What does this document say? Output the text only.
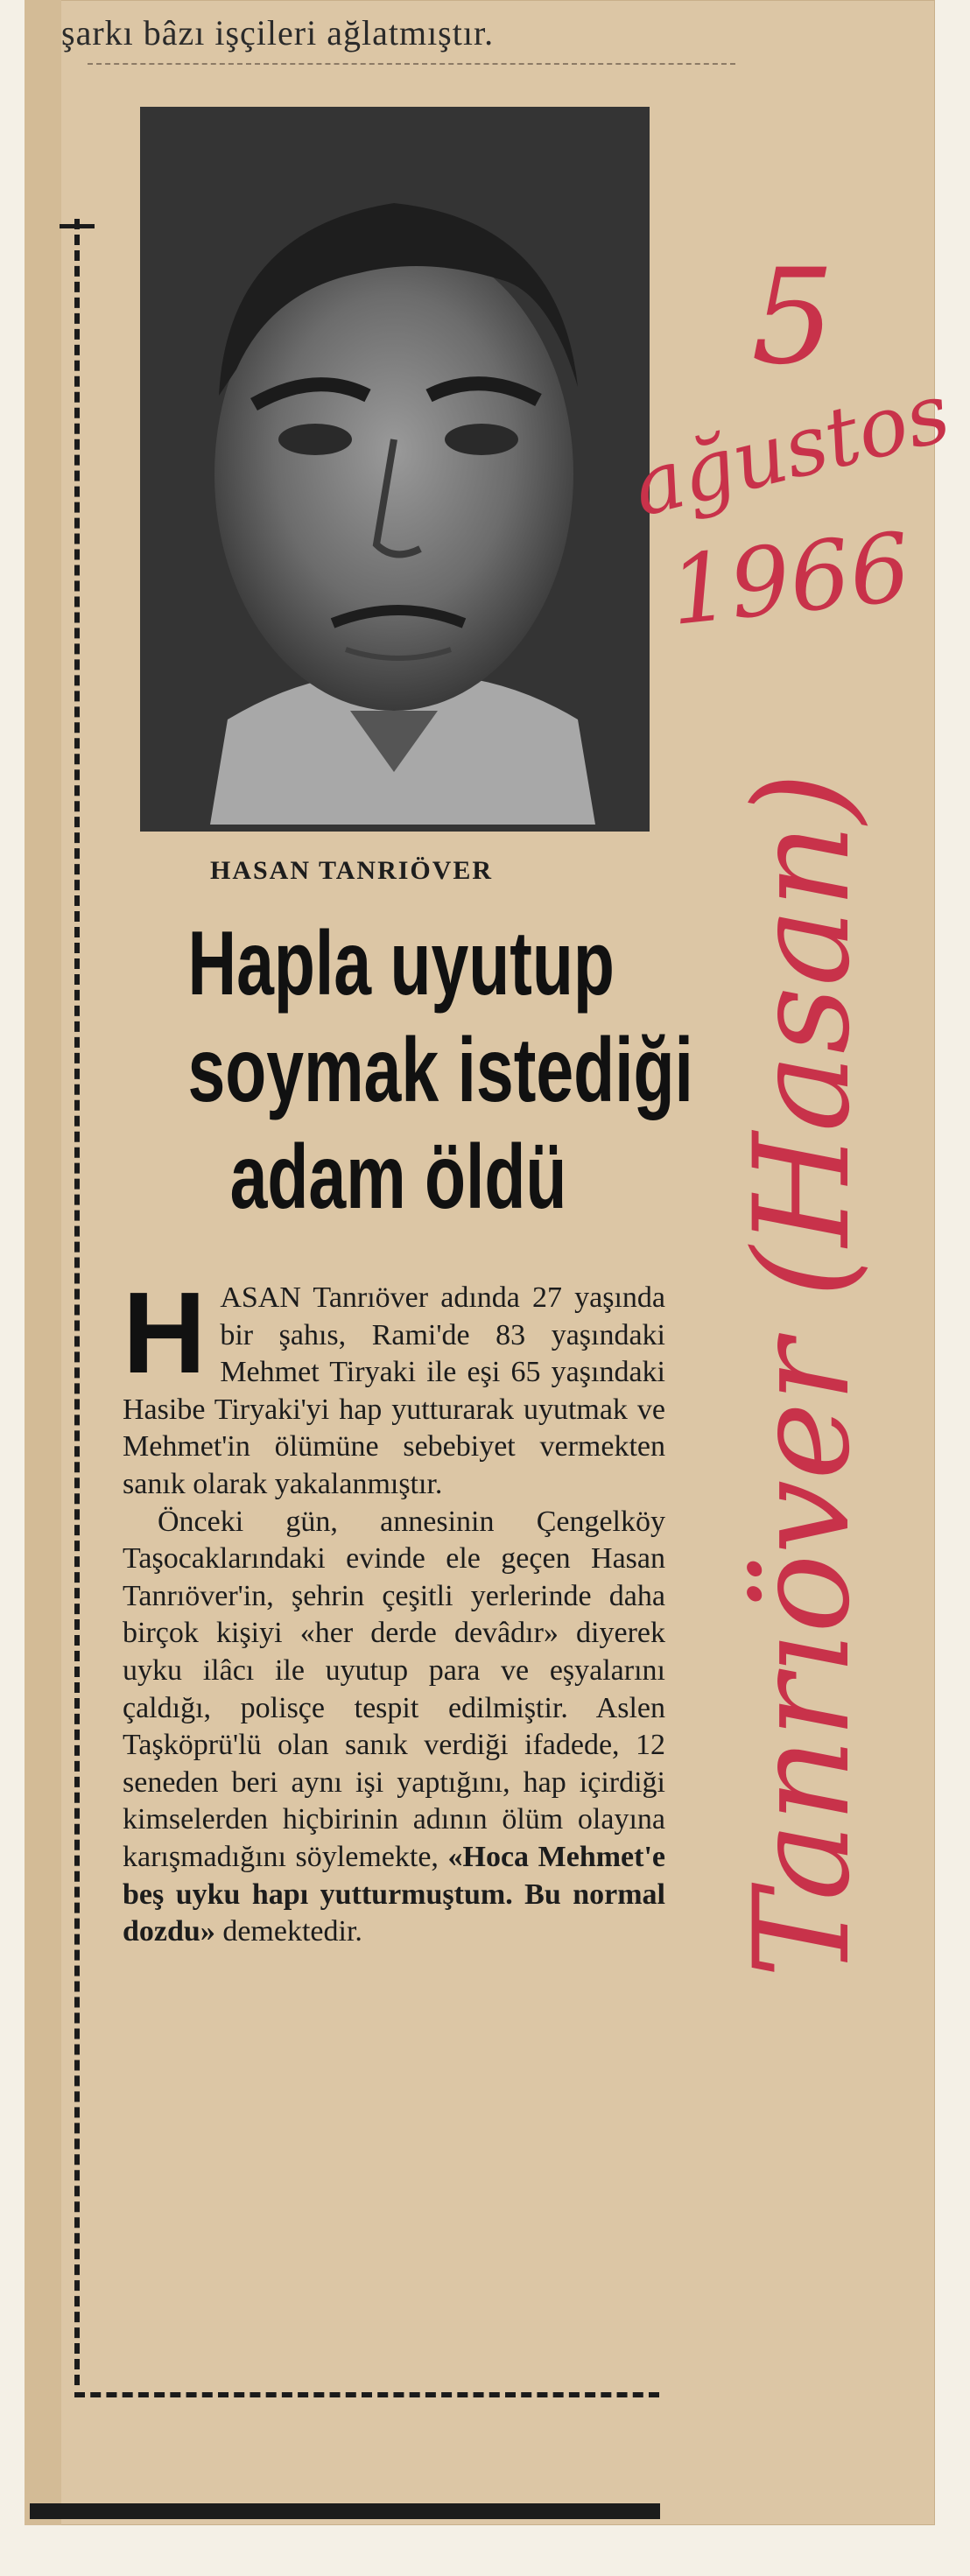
şarkı bâzı işçileri ağlatmıştır.
HASAN TANRIÖVER
Hapla uyutup
soymak istediği
adam öldü

HASAN Tanrıöver adında 27 yaşında bir şahıs, Rami'de 83 yaşındaki Mehmet Tiryaki ile eşi 65 yaşındaki Hasibe Tiryaki'yi hap yutturarak uyutmak ve Mehmet'in ölümüne sebebiyet vermekten sanık olarak yakalanmıştır.

Önceki gün, annesinin Çengelköy Taşocaklarındaki evinde ele geçen Hasan Tanrıöver'in, şehrin çeşitli yerlerinde daha birçok kişiyi «her derde devâdır» diyerek uyku ilâcı ile uyutup para ve eşyalarını çaldığı, polisçe tespit edilmiştir. Aslen Taşköprü'lü olan sanık verdiği ifadede, 12 seneden beri aynı işi yaptığını, hap içirdiği kimselerden hiçbirinin adının ölüm olayına karışmadığını söylemekte, «Hoca Mehmet'e beş uyku hapı yutturmuştum. Bu normal dozdu» demektedir.

5
ağustos
1966
Tanrıöver (Hasan)
